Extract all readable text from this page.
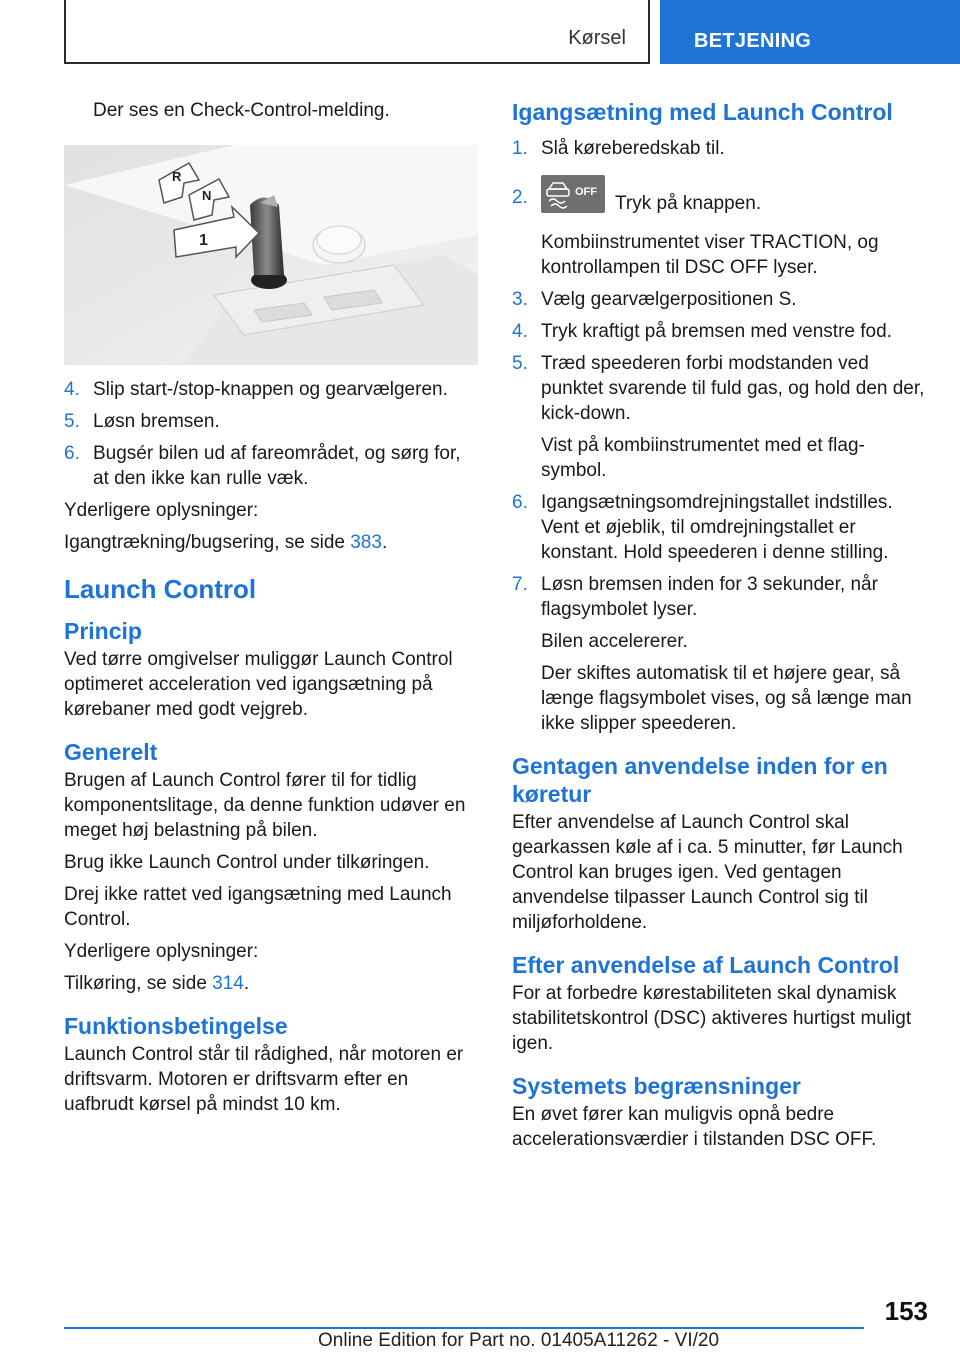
Kørsel	BETJENING

Der ses en Check-Control-melding.

R
N
1
4. Slip start-/stop-knappen og gearvælgeren.
5. Løsn bremsen.
6. Bugsér bilen ud af fareområdet, og sørg for, at den ikke kan rulle væk.

Yderligere oplysninger:

Igangtrækning/bugsering, se side 383.

Launch Control
Princip

Ved tørre omgivelser muliggør Launch Control optimeret acceleration ved igangsætning på kørebaner med godt vejgreb.

Generelt

Brugen af Launch Control fører til for tidlig komponentslitage, da denne funktion udøver en meget høj belastning på bilen.

Brug ikke Launch Control under tilkøringen.

Drej ikke rattet ved igangsætning med Launch Control.

Yderligere oplysninger:

Tilkøring, se side 314.

Funktionsbetingelse

Launch Control står til rådighed, når motoren er driftsvarm. Motoren er driftsvarm efter en uafbrudt kørsel på mindst 10 km.

Igangsætning med Launch Control
1. Slå køreberedskab til.
2.	OFF
Tryk på knappen.

Kombiinstrumentet viser TRACTION, og kontrollampen til DSC OFF lyser.

3. Vælg gearvælgerpositionen S.
4. Tryk kraftigt på bremsen med venstre fod.
5. Træd speederen forbi modstanden ved punktet svarende til fuld gas, og hold den der, kick-down.

Vist på kombiinstrumentet med et flag-symbol.

6. Igangsætningsomdrejningstallet indstilles. Vent et øjeblik, til omdrejningstallet er konstant. Hold speederen i denne stilling.
7. Løsn bremsen inden for 3 sekunder, når flagsymbolet lyser.

Bilen accelererer.

Der skiftes automatisk til et højere gear, så længe flagsymbolet vises, og så længe man ikke slipper speederen.

Gentagen anvendelse inden for en køretur

Efter anvendelse af Launch Control skal gearkassen køle af i ca. 5 minutter, før Launch Control kan bruges igen. Ved gentagen anvendelse tilpasser Launch Control sig til miljøforholdene.

Efter anvendelse af Launch Control

For at forbedre kørestabiliteten skal dynamisk stabilitetskontrol (DSC) aktiveres hurtigst muligt igen.

Systemets begrænsninger

En øvet fører kan muligvis opnå bedre accelerationsværdier i tilstanden DSC OFF.

153
Online Edition for Part no. 01405A11262 - VI/20
